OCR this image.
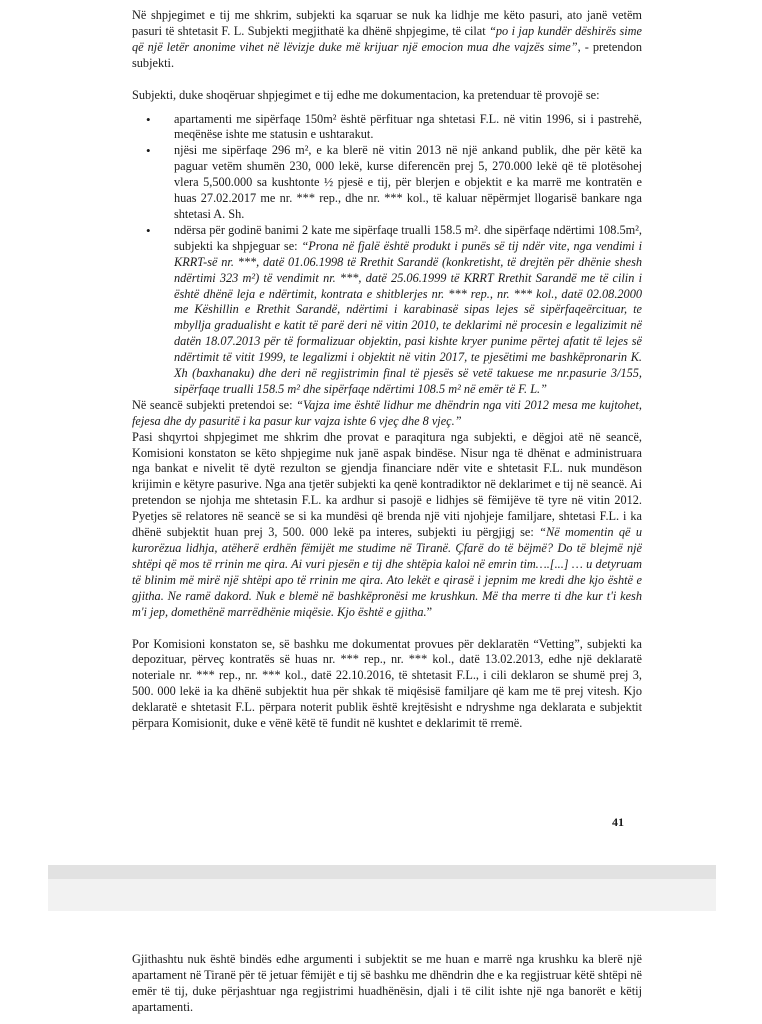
Në shpjegimet e tij me shkrim, subjekti ka sqaruar se nuk ka lidhje me këto pasuri, ato janë vetëm pasuri të shtetasit F. L. Subjekti megjithatë ka dhënë shpjegime, të cilat “po i jap kundër dëshirës sime që një letër anonime vihet në lëvizje duke më krijuar një emocion mua dhe vajzës sime”, - pretendon subjekti.

Subjekti, duke shoqëruar shpjegimet e tij edhe me dokumentacion, ka pretenduar të provojë se:

• apartamenti me sipërfaqe 150m² është përfituar nga shtetasi F.L. në vitin 1996, si i pastrehë, meqënëse ishte me statusin e ushtarakut.
• njësi me sipërfaqe 296 m², e ka blerë në vitin 2013 në një ankand publik, dhe për këtë ka paguar vetëm shumën 230, 000 lekë, kurse diferencën prej 5, 270.000 lekë që të plotësohej vlera 5,500.000 sa kushtonte ½ pjesë e tij, për blerjen e objektit e ka marrë me kontratën e huas 27.02.2017 me nr. *** rep., dhe nr. *** kol., të kaluar nëpërmjet llogarisë bankare nga shtetasi A. Sh.
• ndërsa për godinë banimi 2 kate me sipërfaqe trualli 158.5 m². dhe sipërfaqe ndërtimi 108.5m², subjekti ka shpjeguar se: “Prona në fjalë është produkt i punës së tij ndër vite, nga vendimi i KRRT-së nr. ***, datë 01.06.1998 të Rrethit Sarandë (konkretisht, të drejtën për dhënie shesh ndërtimi 323 m²) të vendimit nr. ***, datë 25.06.1999 të KRRT Rrethit Sarandë me të cilin i është dhënë leja e ndërtimit, kontrata e shitblerjes nr. *** rep., nr. *** kol., datë 02.08.2000 me Këshillin e Rrethit Sarandë, ndërtimi i karabinasë sipas lejes së sipërfaqeërcituar, te mbyllja gradualisht e katit të parë deri në vitin 2010, te deklarimi në procesin e legalizimit në datën 18.07.2013 për të formalizuar objektin, pasi kishte kryer punime përtej afatit të lejes së ndërtimit të vitit 1999, te legalizmi i objektit në vitin 2017, te pjesëtimi me bashkëpronarin K. Xh (baxhanaku) dhe deri në regjistrimin final të pjesës së vetë takuese me nr.pasurie 3/155, sipërfaqe trualli 158.5 m² dhe sipërfaqe ndërtimi 108.5 m² në emër të F. L.”

Në seancë subjekti pretendoi se: “Vajza ime është lidhur me dhëndrin nga viti 2012 mesa me kujtohet, fejesa dhe dy pasuritë i ka pasur kur vajza ishte 6 vjeç dhe 8 vjeç.”

Pasi shqyrtoi shpjegimet me shkrim dhe provat e paraqitura nga subjekti, e dëgjoi atë në seancë, Komisioni konstaton se këto shpjegime nuk janë aspak bindëse. Nisur nga të dhënat e administruara nga bankat e nivelit të dytë rezulton se gjendja financiare ndër vite e shtetasit F.L. nuk mundëson krijimin e këtyre pasurive. Nga ana tjetër subjekti ka qenë kontradiktor në deklarimet e tij në seancë. Ai pretendon se njohja me shtetasin F.L. ka ardhur si pasojë e lidhjes së fëmijëve të tyre në vitin 2012. Pyetjes së relatores në seancë se si ka mundësi që brenda një viti njohjeje familjare, shtetasi F.L. i ka dhënë subjektit huan prej 3, 500. 000 lekë pa interes, subjekti iu përgjigj se: “Në momentin që u kurorëzua lidhja, atëherë erdhën fëmijët me studime në Tiranë. Çfarë do të bëjmë? Do të blejmë një shtëpi që mos të rrinin me qira. Ai vuri pjesën e tij dhe shtëpia kaloi në emrin tim….[...] … u detyruam të blinim më mirë një shtëpi apo të rrinin me qira. Ato lekët e qirasë i jepnim me kredi dhe kjo është e gjitha. Ne ramë dakord. Nuk e blemë në bashkëpronësi me krushkun. Më tha merre ti dhe kur t'i kesh m'i jep, domethënë marrëdhënie miqësie. Kjo është e gjitha.”

Por Komisioni konstaton se, së bashku me dokumentat provues për deklaratën “Vetting”, subjekti ka depozituar, përveç kontratës së huas nr. *** rep., nr. *** kol., datë 13.02.2013, edhe një deklaratë noteriale nr. *** rep., nr. *** kol., datë 22.10.2016, të shtetasit F.L., i cili deklaron se shumë prej 3, 500. 000 lekë ia ka dhënë subjektit hua për shkak të miqësisë familjare që kam me të prej vitesh. Kjo deklaratë e shtetasit F.L. përpara noterit publik është krejtësisht e ndryshme nga deklarata e subjektit përpara Komisionit, duke e vënë këtë të fundit në kushtet e deklarimit të rremë.

41

Gjithashtu nuk është bindës edhe argumenti i subjektit se me huan e marrë nga krushku ka blerë një apartament në Tiranë për të jetuar fëmijët e tij së bashku me dhëndrin dhe e ka regjistruar këtë shtëpi në emër të tij, duke përjashtuar nga regjistrimi huadhënësin, djali i të cilit ishte një nga banorët e këtij apartamenti.
